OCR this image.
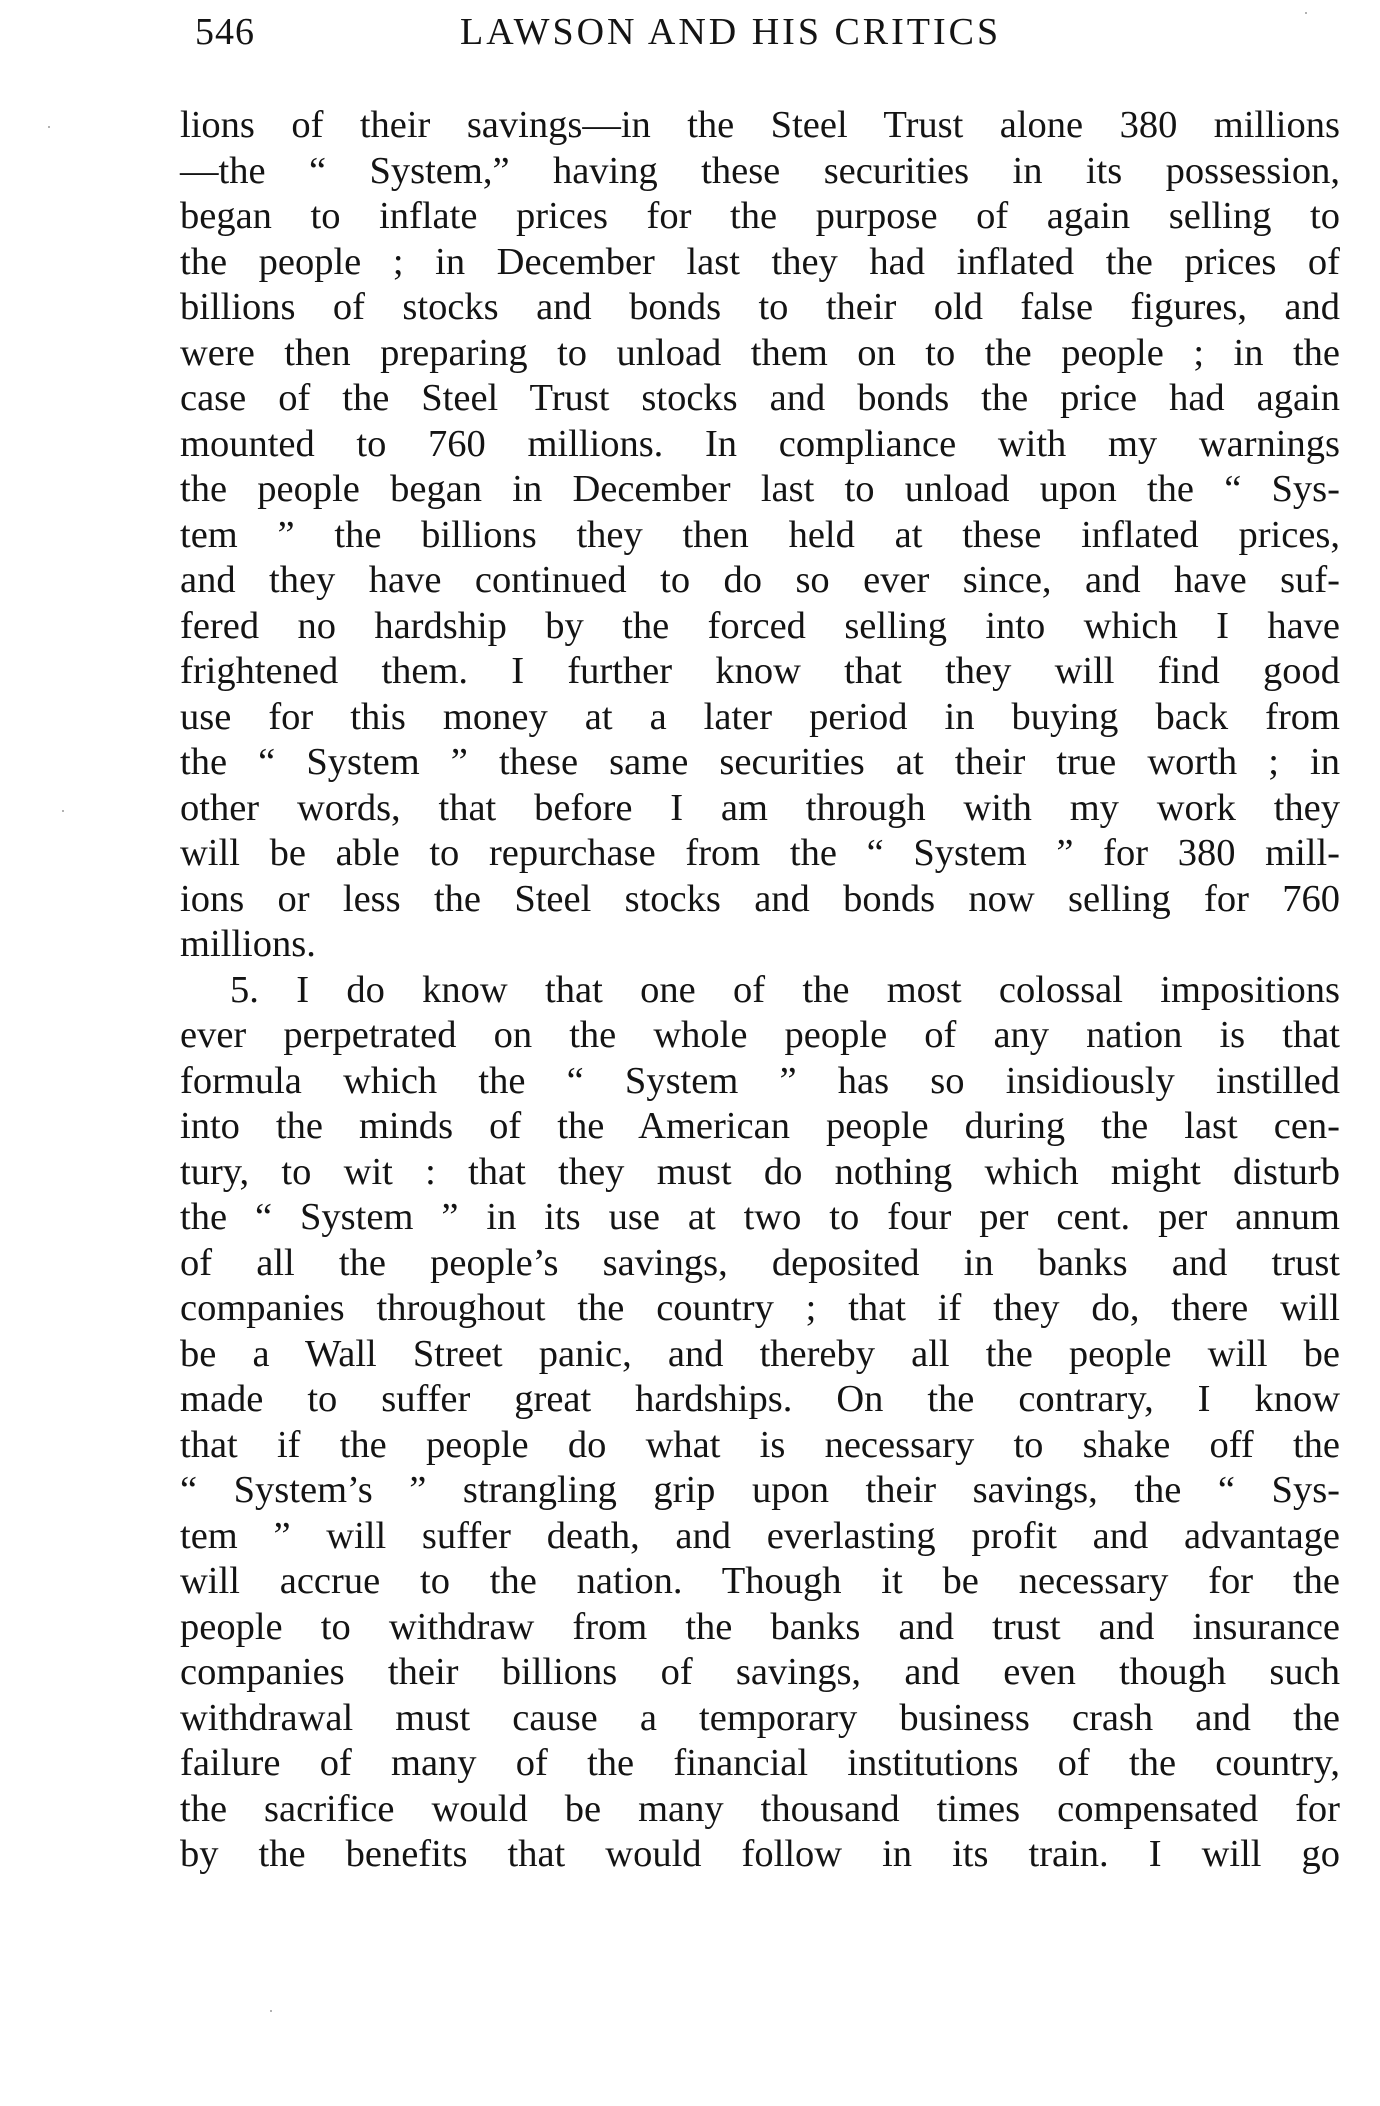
546	LAWSON AND HIS CRITICS
lions of their savings—in the Steel Trust alone 380 millions
—the “ System,” having these securities in its possession,
began to inflate prices for the purpose of again selling to
the people ; in December last they had inflated the prices of
billions of stocks and bonds to their old false figures, and
were then preparing to unload them on to the people ; in the
case of the Steel Trust stocks and bonds the price had again
mounted to 760 millions. In compliance with my warnings
the people began in December last to unload upon the “ Sys-
tem ” the billions they then held at these inflated prices,
and they have continued to do so ever since, and have suf-
fered no hardship by the forced selling into which I have
frightened them. I further know that they will find good
use for this money at a later period in buying back from
the “ System ” these same securities at their true worth ; in
other words, that before I am through with my work they
will be able to repurchase from the “ System ” for 380 mill-
ions or less the Steel stocks and bonds now selling for 760
millions.
5. I do know that one of the most colossal impositions
ever perpetrated on the whole people of any nation is that
formula which the “ System ” has so insidiously instilled
into the minds of the American people during the last cen-
tury, to wit : that they must do nothing which might disturb
the “ System ” in its use at two to four per cent. per annum
of all the people’s savings, deposited in banks and trust
companies throughout the country ; that if they do, there will
be a Wall Street panic, and thereby all the people will be
made to suffer great hardships. On the contrary, I know
that if the people do what is necessary to shake off the
“ System’s ” strangling grip upon their savings, the “ Sys-
tem ” will suffer death, and everlasting profit and advantage
will accrue to the nation. Though it be necessary for the
people to withdraw from the banks and trust and insurance
companies their billions of savings, and even though such
withdrawal must cause a temporary business crash and the
failure of many of the financial institutions of the country,
the sacrifice would be many thousand times compensated for
by the benefits that would follow in its train. I will go
